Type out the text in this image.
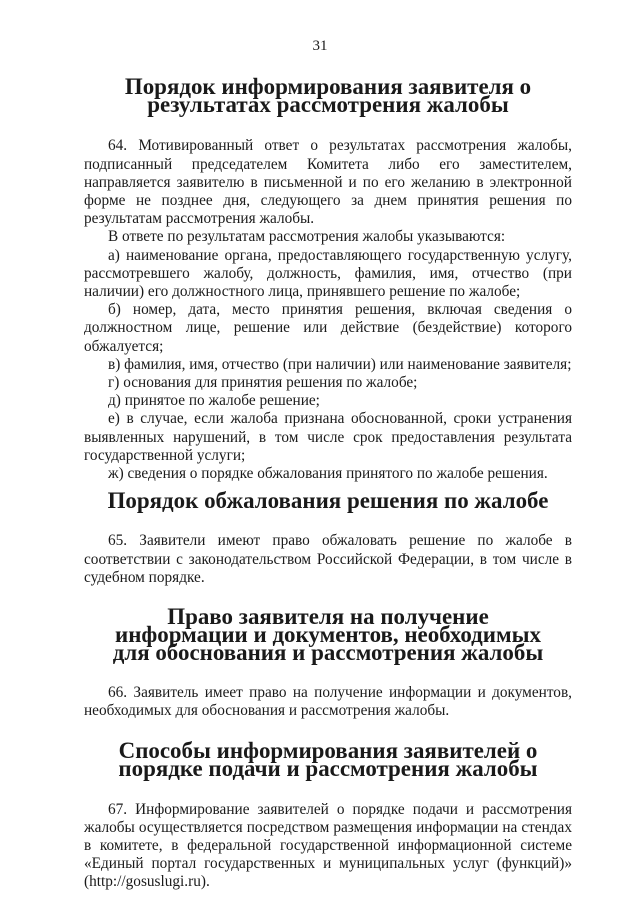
31
Порядок информирования заявителя о результатах рассмотрения жалобы

64. Мотивированный ответ о результатах рассмотрения жалобы, подписанный председателем Комитета либо его заместителем, направляется заявителю в письменной и по его желанию в электронной форме не позднее дня, следующего за днем принятия решения по результатам рассмотрения жалобы.

В ответе по результатам рассмотрения жалобы указываются:

а) наименование органа, предоставляющего государственную услугу, рассмотревшего жалобу, должность, фамилия, имя, отчество (при наличии) его должностного лица, принявшего решение по жалобе;

б) номер, дата, место принятия решения, включая сведения о должностном лице, решение или действие (бездействие) которого обжалуется;

в) фамилия, имя, отчество (при наличии) или наименование заявителя;

г) основания для принятия решения по жалобе;

д) принятое по жалобе решение;

е) в случае, если жалоба признана обоснованной, сроки устранения выявленных нарушений, в том числе срок предоставления результата государственной услуги;

ж) сведения о порядке обжалования принятого по жалобе решения.

Порядок обжалования решения по жалобе

65. Заявители имеют право обжаловать решение по жалобе в соответствии с законодательством Российской Федерации, в том числе в судебном порядке.

Право заявителя на получение информации и документов, необходимых для обоснования и рассмотрения жалобы

66. Заявитель имеет право на получение информации и документов, необходимых для обоснования и рассмотрения жалобы.

Способы информирования заявителей о порядке подачи и рассмотрения жалобы

67. Информирование заявителей о порядке подачи и рассмотрения жалобы осуществляется посредством размещения информации на стендах в комитете, в федеральной государственной информационной системе «Единый портал государственных и муниципальных услуг (функций)» (http://gosuslugi.ru).
